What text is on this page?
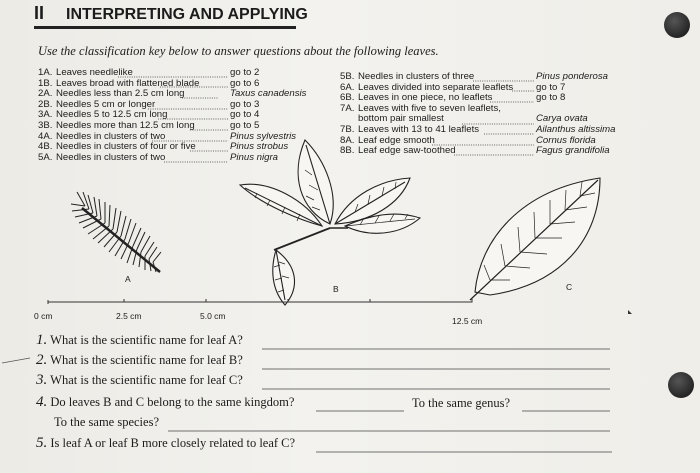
II INTERPRETING AND APPLYING
Use the classification key below to answer questions about the following leaves.
1A. Leaves needlelike	go to 2
1B. Leaves broad with flattened blade	go to 6
2A. Needles less than 2.5 cm long	Taxus canadensis
2B. Needles 5 cm or longer	go to 3
3A. Needles 5 to 12.5 cm long	go to 4
3B. Needles more than 12.5 cm long	go to 5
4A. Needles in clusters of two	Pinus sylvestris
4B. Needles in clusters of four or five	Pinus strobus
5A. Needles in clusters of two	Pinus nigra
5B. Needles in clusters of three	Pinus ponderosa
6A. Leaves divided into separate leaflets go to 7
6B. Leaves in one piece, no leaflets	go to 8
7A. Leaves with five to seven leaflets,
bottom pair smallest	Carya ovata
7B. Leaves with 13 to 41 leaflets	Ailanthus altissima
8A. Leaf edge smooth	Cornus florida
8B. Leaf edge saw-toothed	Fagus grandifolia
A
B	C
0 cm	2.5 cm	5.0 cm	12.5 cm
1. What is the scientific name for leaf A?
2. What is the scientific name for leaf B?
3. What is the scientific name for leaf C?
4. Do leaves B and C belong to the same kingdom?	To the same genus?
To the same species?
5. Is leaf A or leaf B more closely related to leaf C?
